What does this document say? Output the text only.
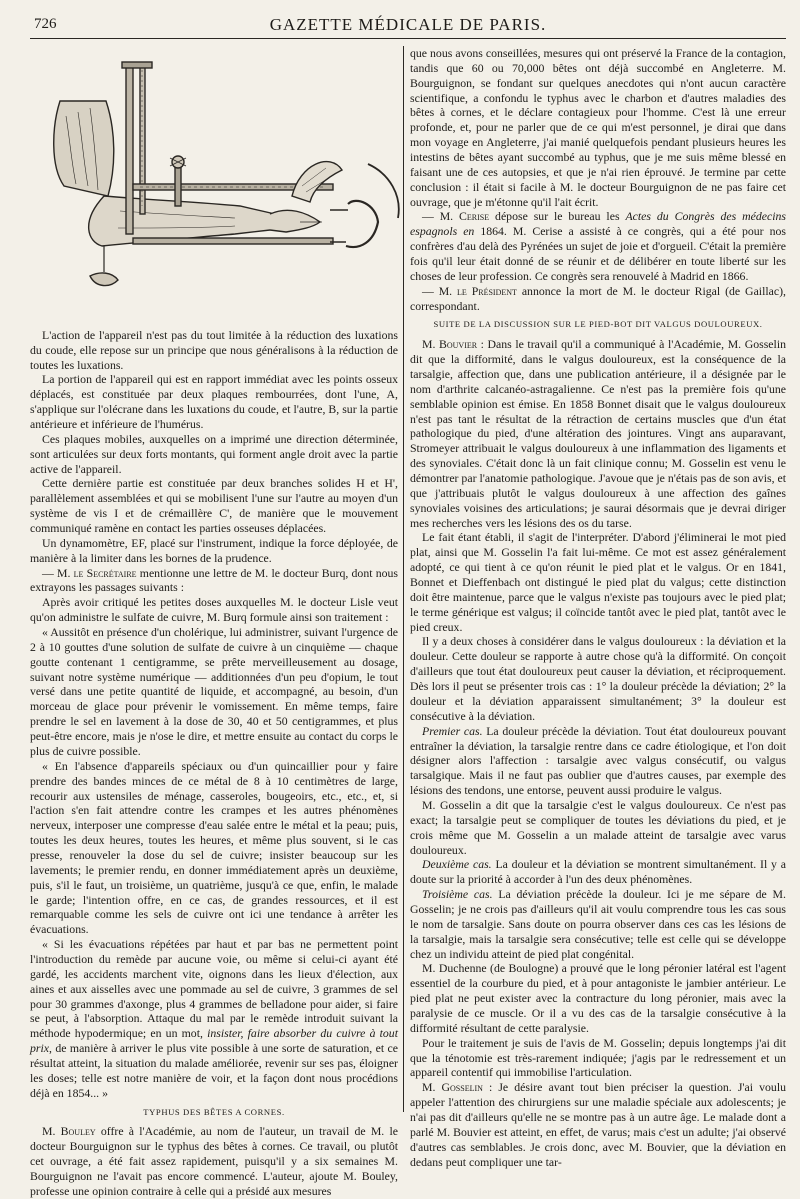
726	GAZETTE MÉDICALE DE PARIS.

L'action de l'appareil n'est pas du tout limitée à la réduction des luxations du coude, elle repose sur un principe que nous généralisons à la réduction de toutes les luxations.

La portion de l'appareil qui est en rapport immédiat avec les points osseux déplacés, est constituée par deux plaques rembourrées, dont l'une, A, s'applique sur l'olécrane dans les luxations du coude, et l'autre, B, sur la partie antérieure et inférieure de l'humérus.

Ces plaques mobiles, auxquelles on a imprimé une direction déterminée, sont articulées sur deux forts montants, qui forment angle droit avec la partie active de l'appareil.

Cette dernière partie est constituée par deux branches solides H et H', parallèlement assemblées et qui se mobilisent l'une sur l'autre au moyen d'un système de vis I et de crémaillère C', de manière que le mouvement communiqué ramène en contact les parties osseuses déplacées.

Un dynamomètre, EF, placé sur l'instrument, indique la force déployée, de manière à la limiter dans les bornes de la prudence.

— M. le Secrétaire mentionne une lettre de M. le docteur Burq, dont nous extrayons les passages suivants :

Après avoir critiqué les petites doses auxquelles M. le docteur Lisle veut qu'on administre le sulfate de cuivre, M. Burq formule ainsi son traitement :

« Aussitôt en présence d'un cholérique, lui administrer, suivant l'urgence de 2 à 10 gouttes d'une solution de sulfate de cuivre à un cinquième — chaque goutte contenant 1 centigramme, se prête merveilleusement au dosage, suivant notre système numérique — additionnées d'un peu d'opium, le tout versé dans une petite quantité de liquide, et accompagné, au besoin, d'un morceau de glace pour prévenir le vomissement. En même temps, faire prendre le sel en lavement à la dose de 30, 40 et 50 centigrammes, et plus peut-être encore, mais je n'ose le dire, et mettre ensuite au contact du corps le plus de cuivre possible.

« En l'absence d'appareils spéciaux ou d'un quincaillier pour y faire prendre des bandes minces de ce métal de 8 à 10 centimètres de large, recourir aux ustensiles de ménage, casseroles, bougeoirs, etc., etc., et, si l'action s'en fait attendre contre les crampes et les autres phénomènes nerveux, interposer une compresse d'eau salée entre le métal et la peau; puis, toutes les deux heures, toutes les heures, et même plus souvent, si le cas presse, renouveler la dose du sel de cuivre; insister beaucoup sur les lavements; le premier rendu, en donner immédiatement après un deuxième, puis, s'il le faut, un troisième, un quatrième, jusqu'à ce que, enfin, le malade le garde; l'intention offre, en ce cas, de grandes ressources, et il est remarquable comme les sels de cuivre ont ici une tendance à arrêter les évacuations.

« Si les évacuations répétées par haut et par bas ne permettent point l'introduction du remède par aucune voie, ou même si celui-ci ayant été gardé, les accidents marchent vite, oignons dans les lieux d'élection, aux aines et aux aisselles avec une pommade au sel de cuivre, 3 grammes de sel pour 30 grammes d'axonge, plus 4 grammes de belladone pour aider, si faire se peut, à l'absorption. Attaque du mal par le remède introduit suivant la méthode hypodermique; en un mot, insister, faire absorber du cuivre à tout prix, de manière à arriver le plus vite possible à une sorte de saturation, et ce résultat atteint, la situation du malade améliorée, revenir sur ses pas, éloigner les doses; telle est notre manière de voir, et la façon dont nous procédions déjà en 1854... »

TYPHUS DES BÊTES A CORNES.

M. Bouley offre à l'Académie, au nom de l'auteur, un travail de M. le docteur Bourguignon sur le typhus des bêtes à cornes. Ce travail, ou plutôt cet ouvrage, a été fait assez rapidement, puisqu'il y a six semaines M. Bourguignon ne l'avait pas encore commencé. L'auteur, ajoute M. Bouley, professe une opinion contraire à celle qui a présidé aux mesures

que nous avons conseillées, mesures qui ont préservé la France de la contagion, tandis que 60 ou 70,000 bêtes ont déjà succombé en Angleterre. M. Bourguignon, se fondant sur quelques anecdotes qui n'ont aucun caractère scientifique, a confondu le typhus avec le charbon et d'autres maladies des bêtes à cornes, et le déclare contagieux pour l'homme. C'est là une erreur profonde, et, pour ne parler que de ce qui m'est personnel, je dirai que dans mon voyage en Angleterre, j'ai manié quelquefois pendant plusieurs heures les intestins de bêtes ayant succombé au typhus, que je me suis même blessé en faisant une de ces autopsies, et que je n'ai rien éprouvé. Je termine par cette conclusion : il était si facile à M. le docteur Bourguignon de ne pas faire cet ouvrage, que je m'étonne qu'il l'ait écrit.

— M. Cerise dépose sur le bureau les Actes du Congrès des médecins espagnols en 1864. M. Cerise a assisté à ce congrès, qui a été pour nos confrères d'au delà des Pyrénées un sujet de joie et d'orgueil. C'était la première fois qu'il leur était donné de se réunir et de délibérer en toute liberté sur les choses de leur profession. Ce congrès sera renouvelé à Madrid en 1866.

— M. le Président annonce la mort de M. le docteur Rigal (de Gaillac), correspondant.

SUITE DE LA DISCUSSION SUR LE PIED-BOT DIT VALGUS DOULOUREUX.

M. Bouvier : Dans le travail qu'il a communiqué à l'Académie, M. Gosselin dit que la difformité, dans le valgus douloureux, est la conséquence de la tarsalgie, affection que, dans une publication antérieure, il a désignée par le nom d'arthrite calcanéo-astragalienne. Ce n'est pas la première fois qu'une semblable opinion est émise. En 1858 Bonnet disait que le valgus douloureux n'est pas tant le résultat de la rétraction de certains muscles que d'un état pathologique du pied, d'une altération des jointures. Vingt ans auparavant, Stromeyer attribuait le valgus douloureux à une inflammation des ligaments et des synoviales. C'était donc là un fait clinique connu; M. Gosselin est venu le démontrer par l'anatomie pathologique. J'avoue que je n'étais pas de son avis, et que j'attribuais plutôt le valgus douloureux à une affection des gaînes synoviales voisines des articulations; je saurai désormais que je devrai diriger mes recherches vers les lésions des os du tarse.

Le fait étant établi, il s'agit de l'interpréter. D'abord j'éliminerai le mot pied plat, ainsi que M. Gosselin l'a fait lui-même. Ce mot est assez généralement adopté, ce qui tient à ce qu'on réunit le pied plat et le valgus. Or en 1841, Bonnet et Dieffenbach ont distingué le pied plat du valgus; cette distinction doit être maintenue, parce que le valgus n'existe pas toujours avec le pied plat; le terme générique est valgus; il coïncide tantôt avec le pied plat, tantôt avec le pied creux.

Il y a deux choses à considérer dans le valgus douloureux : la déviation et la douleur. Cette douleur se rapporte à autre chose qu'à la difformité. On conçoit d'ailleurs que tout état douloureux peut causer la déviation, et réciproquement. Dès lors il peut se présenter trois cas : 1° la douleur précède la déviation; 2° la douleur et la déviation apparaissent simultanément; 3° la douleur est consécutive à la déviation.

Premier cas. La douleur précède la déviation. Tout état douloureux pouvant entraîner la déviation, la tarsalgie rentre dans ce cadre étiologique, et l'on doit désigner alors l'affection : tarsalgie avec valgus consécutif, ou valgus tarsalgique. Mais il ne faut pas oublier que d'autres causes, par exemple des lésions des tendons, une entorse, peuvent aussi produire le valgus.

M. Gosselin a dit que la tarsalgie c'est le valgus douloureux. Ce n'est pas exact; la tarsalgie peut se compliquer de toutes les déviations du pied, et je crois même que M. Gosselin a un malade atteint de tarsalgie avec varus douloureux.

Deuxième cas. La douleur et la déviation se montrent simultanément. Il y a doute sur la priorité à accorder à l'un des deux phénomènes.

Troisième cas. La déviation précède la douleur. Ici je me sépare de M. Gosselin; je ne crois pas d'ailleurs qu'il ait voulu comprendre tous les cas sous le nom de tarsalgie. Sans doute on pourra observer dans ces cas les lésions de la tarsalgie, mais la tarsalgie sera consécutive; telle est celle qui se développe chez un individu atteint de pied plat congénital.

M. Duchenne (de Boulogne) a prouvé que le long péronier latéral est l'agent essentiel de la courbure du pied, et à pour antagoniste le jambier antérieur. Le pied plat ne peut exister avec la contracture du long péronier, mais avec la paralysie de ce muscle. Or il a vu des cas de la tarsalgie consécutive à la difformité résultant de cette paralysie.

Pour le traitement je suis de l'avis de M. Gosselin; depuis longtemps j'ai dit que la ténotomie est très-rarement indiquée; j'agis par le redressement et un appareil contentif qui immobilise l'articulation.

M. Gosselin : Je désire avant tout bien préciser la question. J'ai voulu appeler l'attention des chirurgiens sur une maladie spéciale aux adolescents; je n'ai pas dit d'ailleurs qu'elle ne se montre pas à un autre âge. Le malade dont a parlé M. Bouvier est atteint, en effet, de varus; mais c'est un adulte; j'ai observé d'autres cas semblables. Je crois donc, avec M. Bouvier, que la déviation en dedans peut compliquer une tar-
